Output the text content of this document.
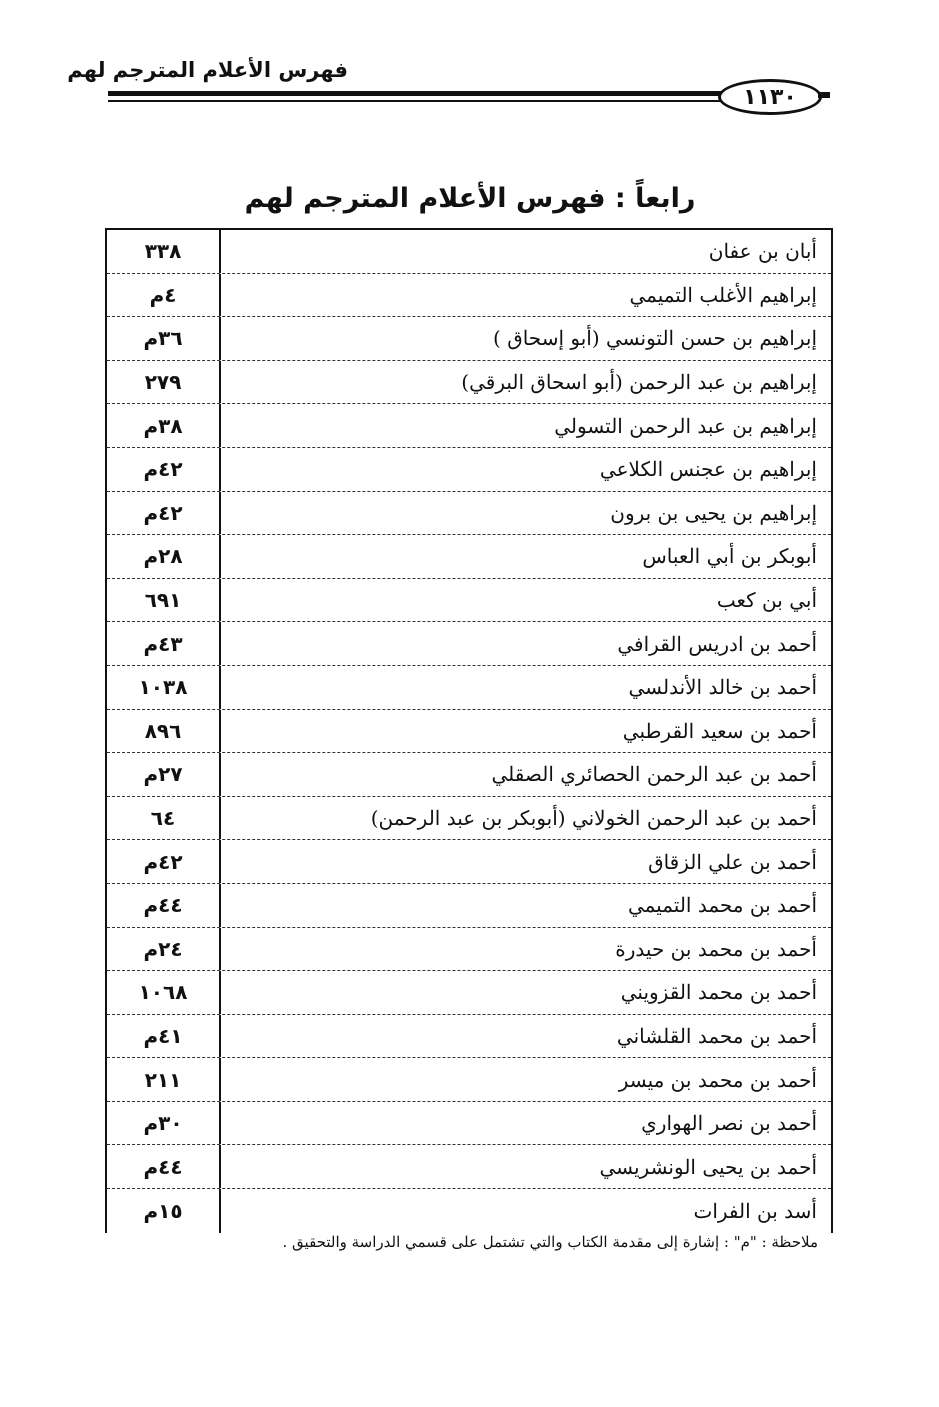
فهرس الأعلام المترجم لهم
١١٣٠
رابعاً : فهرس الأعلام المترجم لهم
أبان بن عفان
٣٣٨
إبراهيم الأغلب التميمي
٤م
إبراهيم بن حسن التونسي (أبو إسحاق )
٣٦م
إبراهيم بن عبد الرحمن (أبو اسحاق البرقي)
٢٧٩
إبراهيم بن عبد الرحمن التسولي
٣٨م
إبراهيم بن عجنس الكلاعي
٤٢م
إبراهيم بن يحيى بن برون
٤٢م
أبوبكر بن أبي العباس
٢٨م
أبي بن كعب
٦٩١
أحمد بن ادريس القرافي
٤٣م
أحمد بن خالد الأندلسي
١٠٣٨
أحمد بن سعيد القرطبي
٨٩٦
أحمد بن عبد الرحمن الحصائري الصقلي
٢٧م
أحمد بن عبد الرحمن الخولاني (أبوبكر بن عبد الرحمن)
٦٤
أحمد بن علي الزقاق
٤٢م
أحمد بن محمد التميمي
٤٤م
أحمد بن محمد بن حيدرة
٢٤م
أحمد بن محمد القزويني
١٠٦٨
أحمد بن محمد القلشاني
٤١م
أحمد بن محمد بن ميسر
٢١١
أحمد بن نصر الهواري
٣٠م
أحمد بن يحيى الونشريسي
٤٤م
أسد بن الفرات
١٥م
ملاحظة : "م" : إشارة إلى مقدمة الكتاب والتي تشتمل على قسمي الدراسة والتحقيق .
